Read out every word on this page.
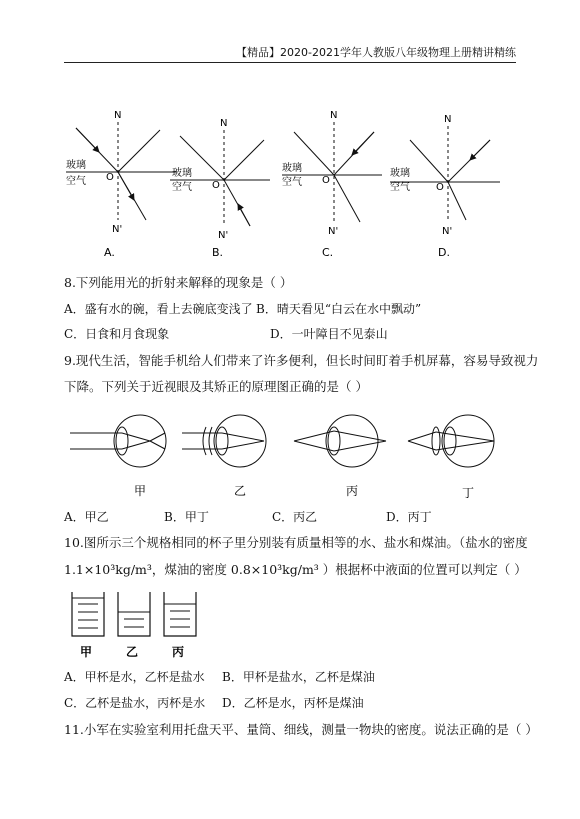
【精品】2020-2021学年人教版八年级物理上册精讲精练
N
N'
O
玻璃
空气
N
N'
O
玻璃
空气
N
N'
O
玻璃
空气
N
N'
O
玻璃
空气
A.	B.	C.	D.
8.下列能用光的折射来解释的现象是（ ）
A．盛有水的碗，看上去碗底变浅了 B．晴天看见“白云在水中飘动”
C．日食和月食现象	D．一叶障目不见泰山
9.现代生活，智能手机给人们带来了许多便利，但长时间盯着手机屏幕，容易导致视力
下降。下列关于近视眼及其矫正的原理图正确的是（ ）
甲	乙	丙	丁
A．甲乙	B．甲丁	C．丙乙	D．丙丁
10.图所示三个规格相同的杯子里分别装有质量相等的水、盐水和煤油。（盐水的密度
1.1×10³kg/m³，煤油的密度 0.8×10³kg/m³ ）根据杯中液面的位置可以判定（ ）
甲	乙	丙
A．甲杯是水，乙杯是盐水 B．甲杯是盐水，乙杯是煤油
C．乙杯是盐水，丙杯是水 D．乙杯是水，丙杯是煤油
11.小军在实验室利用托盘天平、量筒、细线，测量一物块的密度。说法正确的是（ ）
